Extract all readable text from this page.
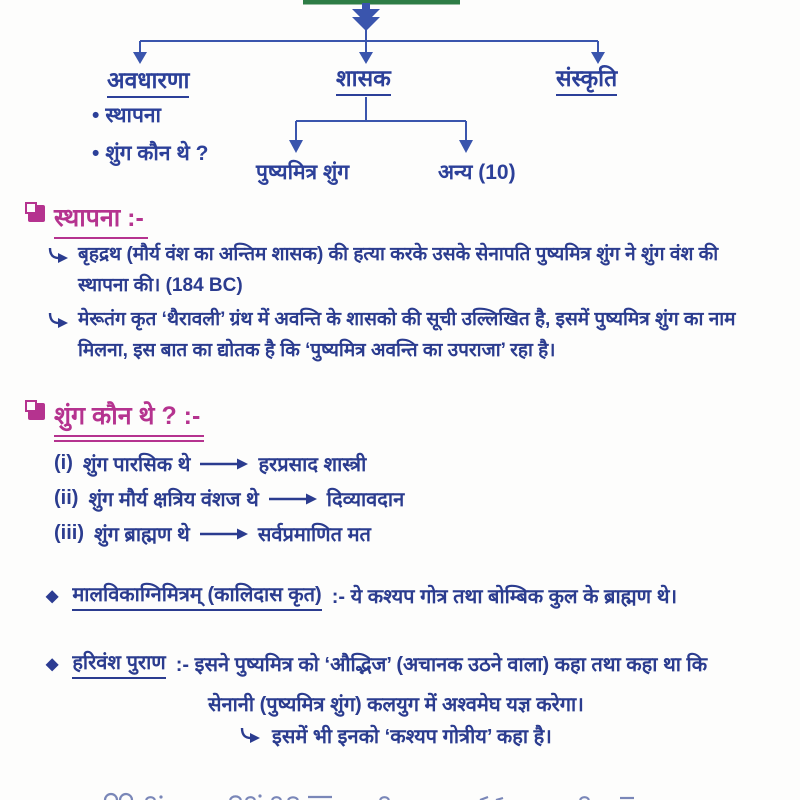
अवधारणा	शासक	संस्कृति
• स्थापना
• शुंग कौन थे ?
पुष्यमित्र शुंग	अन्य (10)
स्थापना :-
बृहद्रथ (मौर्य वंश का अन्तिम शासक) की हत्या करके उसके सेनापति पुष्यमित्र शुंग ने शुंग वंश की स्थापना की। (184 BC)
मेरूतंग कृत ‘थैरावली’ ग्रंथ में अवन्ति के शासको की सूची उल्लिखित है, इसमें पुष्यमित्र शुंग का नाम मिलना, इस बात का द्योतक है कि ‘पुष्यमित्र अवन्ति का उपराजा’ रहा है।
शुंग कौन थे ? :-
(i) शुंग पारसिक थे	हरप्रसाद शास्त्री
(ii) शुंग मौर्य क्षत्रिय वंशज थे	दिव्यावदान
(iii) शुंग ब्राह्मण थे	सर्वप्रमाणित मत
◆ मालविकाग्निमित्रम् (कालिदास कृत) :- ये कश्यप गोत्र तथा बोम्बिक कुल के ब्राह्मण थे।
◆ हरिवंश पुराण :- इसने पुष्यमित्र को ‘औद्भिज’ (अचानक उठने वाला) कहा तथा कहा था कि
सेनानी (पुष्यमित्र शुंग) कलयुग में अश्वमेघ यज्ञ करेगा।
इसमें भी इनको ‘कश्यप गोत्रीय’ कहा है।
